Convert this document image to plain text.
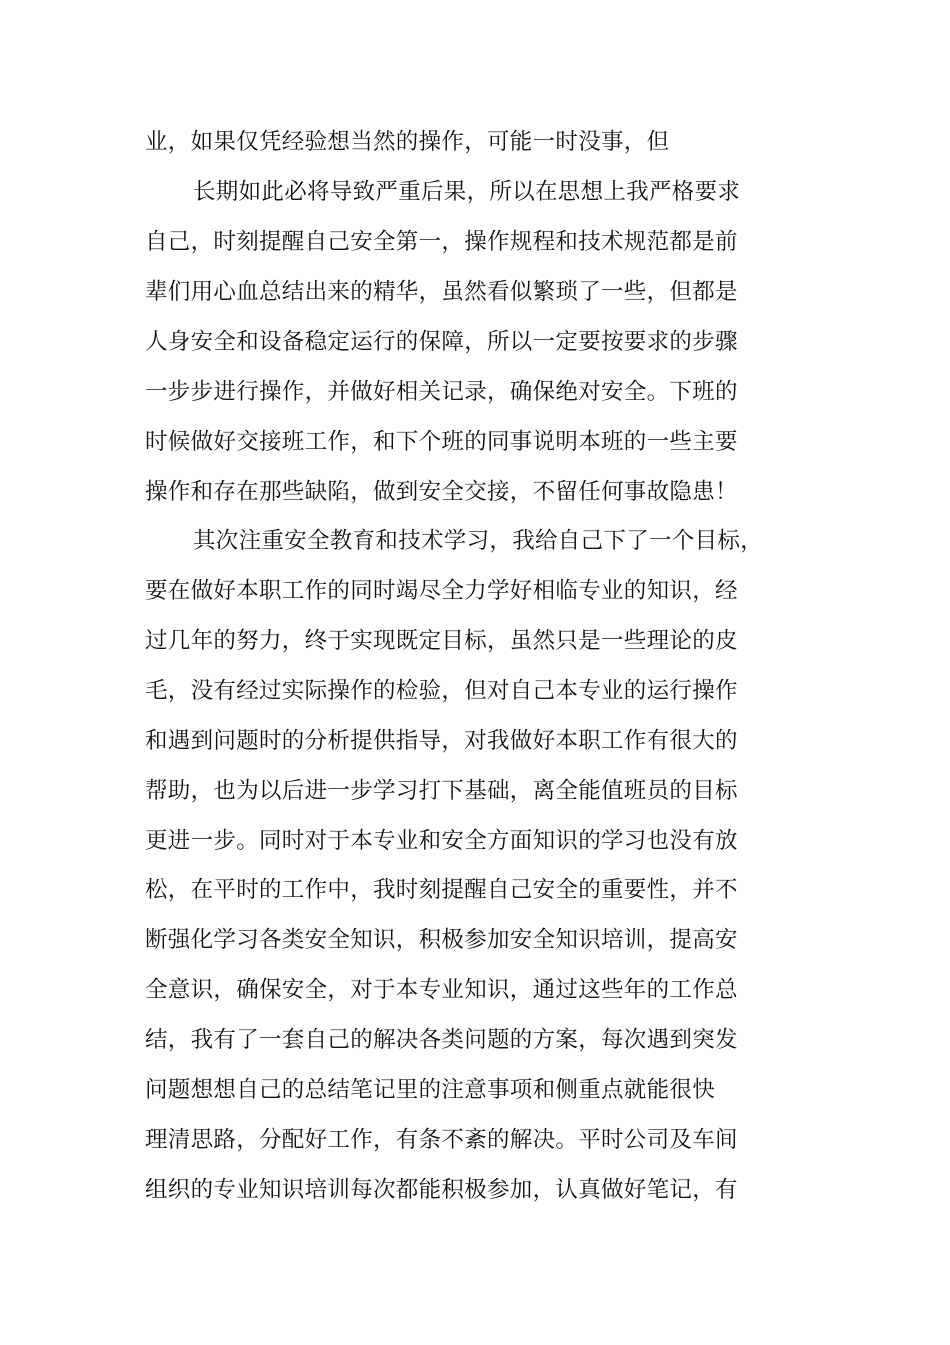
业，如果仅凭经验想当然的操作，可能一时没事，但

长期如此必将导致严重后果，所以在思想上我严格要求

自己，时刻提醒自己安全第一，操作规程和技术规范都是前

辈们用心血总结出来的精华，虽然看似繁琐了一些，但都是

人身安全和设备稳定运行的保障，所以一定要按要求的步骤

一步步进行操作，并做好相关记录，确保绝对安全。下班的

时候做好交接班工作，和下个班的同事说明本班的一些主要

操作和存在那些缺陷，做到安全交接，不留任何事故隐患！

其次注重安全教育和技术学习，我给自己下了一个目标，

要在做好本职工作的同时竭尽全力学好相临专业的知识，经

过几年的努力，终于实现既定目标，虽然只是一些理论的皮

毛，没有经过实际操作的检验，但对自己本专业的运行操作

和遇到问题时的分析提供指导，对我做好本职工作有很大的

帮助，也为以后进一步学习打下基础，离全能值班员的目标

更进一步。同时对于本专业和安全方面知识的学习也没有放

松，在平时的工作中，我时刻提醒自己安全的重要性，并不

断强化学习各类安全知识，积极参加安全知识培训，提高安

全意识，确保安全，对于本专业知识，通过这些年的工作总

结，我有了一套自己的解决各类问题的方案，每次遇到突发

问题想想自己的总结笔记里的注意事项和侧重点就能很快

理清思路，分配好工作，有条不紊的解决。平时公司及车间

组织的专业知识培训每次都能积极参加，认真做好笔记，有
